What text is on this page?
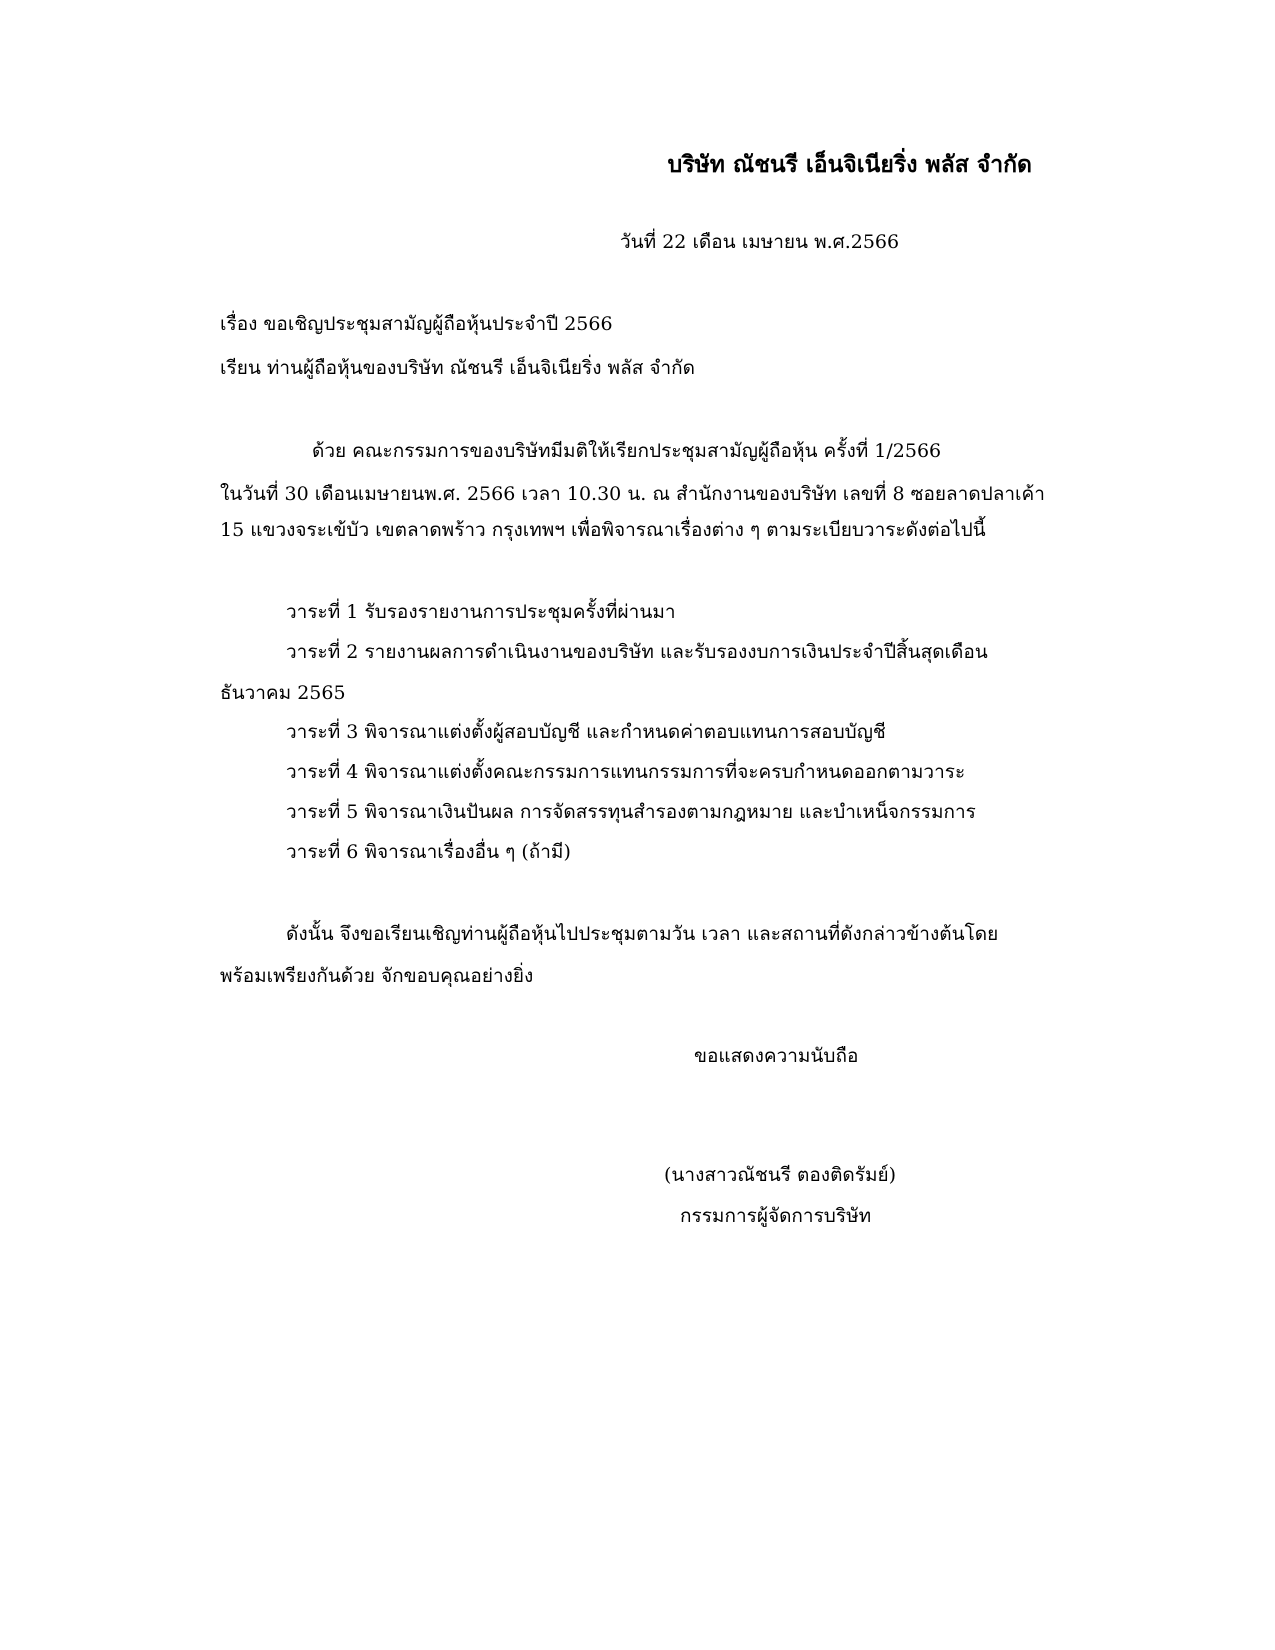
บริษัท ณัชนรี เอ็นจิเนียริ่ง พลัส จำกัด
วันที่ 22 เดือน เมษายน พ.ศ.2566
เรื่อง ขอเชิญประชุมสามัญผู้ถือหุ้นประจำปี 2566
เรียน ท่านผู้ถือหุ้นของบริษัท ณัชนรี เอ็นจิเนียริ่ง พลัส จำกัด
ด้วย คณะกรรมการของบริษัทมีมติให้เรียกประชุมสามัญผู้ถือหุ้น ครั้งที่ 1/2566
ในวันที่ 30 เดือนเมษายนพ.ศ. 2566 เวลา 10.30 น. ณ สำนักงานของบริษัท เลขที่ 8 ซอยลาดปลาเค้า
15 แขวงจระเข้บัว เขตลาดพร้าว กรุงเทพฯ เพื่อพิจารณาเรื่องต่าง ๆ ตามระเบียบวาระดังต่อไปนี้
วาระที่ 1 รับรองรายงานการประชุมครั้งที่ผ่านมา
วาระที่ 2 รายงานผลการดำเนินงานของบริษัท และรับรองงบการเงินประจำปีสิ้นสุดเดือน
ธันวาคม 2565
วาระที่ 3 พิจารณาแต่งตั้งผู้สอบบัญชี และกำหนดค่าตอบแทนการสอบบัญชี
วาระที่ 4 พิจารณาแต่งตั้งคณะกรรมการแทนกรรมการที่จะครบกำหนดออกตามวาระ
วาระที่ 5 พิจารณาเงินปันผล การจัดสรรทุนสำรองตามกฎหมาย และบำเหน็จกรรมการ
วาระที่ 6 พิจารณาเรื่องอื่น ๆ (ถ้ามี)
ดังนั้น จึงขอเรียนเชิญท่านผู้ถือหุ้นไปประชุมตามวัน เวลา และสถานที่ดังกล่าวข้างต้นโดย
พร้อมเพรียงกันด้วย จักขอบคุณอย่างยิ่ง
ขอแสดงความนับถือ
(นางสาวณัชนรี ตองติดรัมย์)
กรรมการผู้จัดการบริษัท
